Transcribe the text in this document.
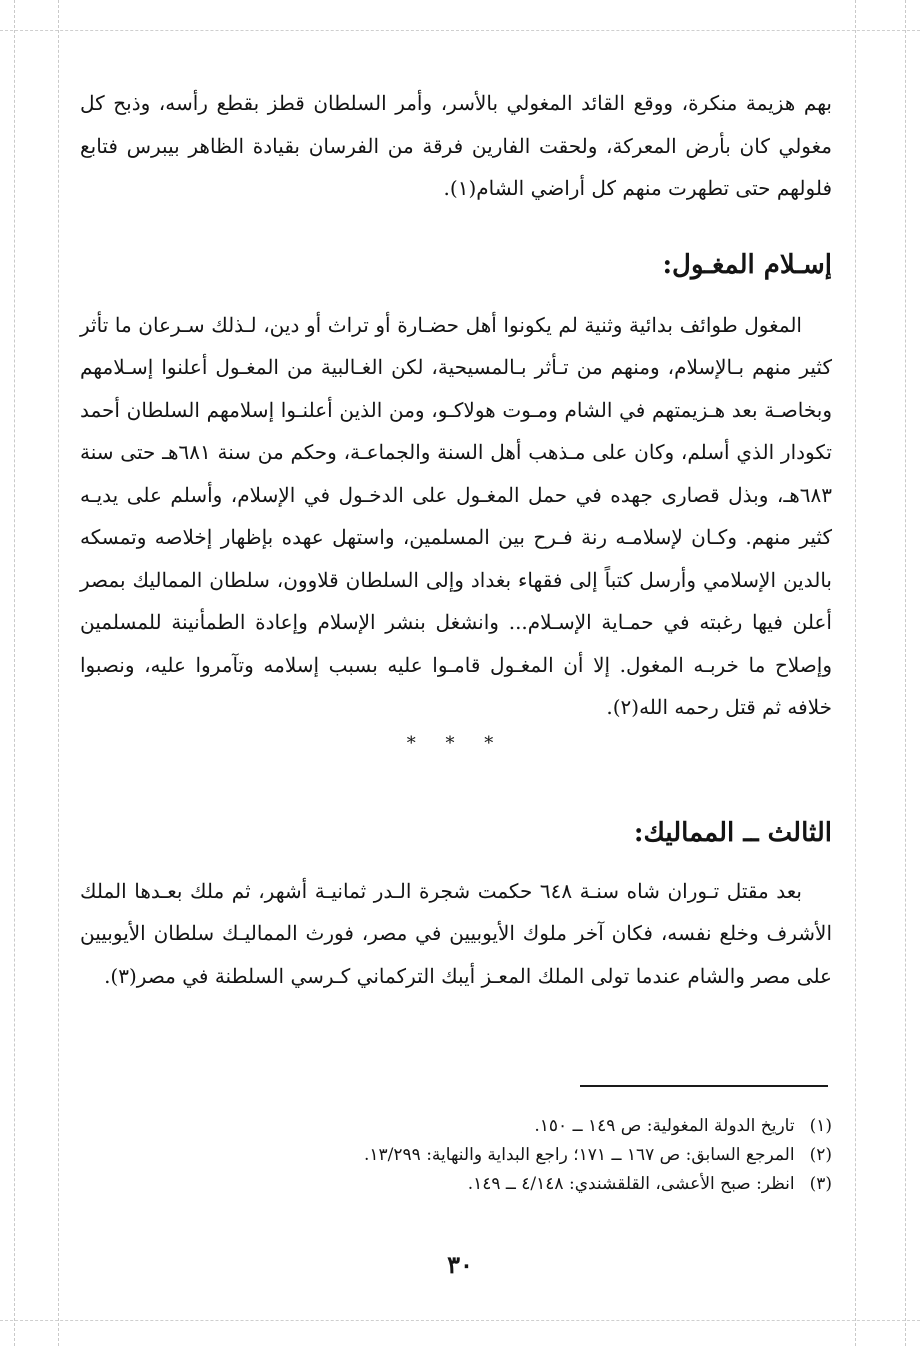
بهم هزيمة منكرة، ووقع القائد المغولي بالأسر، وأمر السلطان قطز بقطع رأسه، وذبح كل مغولي كان بأرض المعركة، ولحقت الفارين فرقة من الفرسان بقيادة الظاهر بيبرس فتابع فلولهم حتى تطهرت منهم كل أراضي الشام(١).

إسـلام المغـول:

المغول طوائف بدائية وثنية لم يكونوا أهل حضـارة أو تراث أو دين، لـذلك سـرعان ما تأثر كثير منهم بـالإسلام، ومنهم من تـأثر بـالمسيحية، لكن الغـالبية من المغـول أعلنوا إسـلامهم وبخاصـة بعد هـزيمتهم في الشام ومـوت هولاكـو، ومن الذين أعلنـوا إسلامهم السلطان أحمد تكودار الذي أسلم، وكان على مـذهب أهل السنة والجماعـة، وحكم من سنة ٦٨١هـ حتى سنة ٦٨٣هـ، وبذل قصارى جهده في حمل المغـول على الدخـول في الإسلام، وأسلم على يديـه كثير منهم. وكـان لإسلامـه رنة فـرح بين المسلمين، واستهل عهده بإظهار إخلاصه وتمسكه بالدين الإسلامي وأرسل كتباً إلى فقهاء بغداد وإلى السلطان قلاوون، سلطان المماليك بمصر أعلن فيها رغبته في حمـاية الإسـلام... وانشغل بنشر الإسلام وإعادة الطمأنينة للمسلمين وإصلاح ما خربـه المغول. إلا أن المغـول قامـوا عليه بسبب إسلامه وتآمروا عليه، ونصبوا خلافه ثم قتل رحمه الله(٢).

* * *
الثالث ــ المماليك:

بعد مقتل تـوران شاه سنـة ٦٤٨ حكمت شجرة الـدر ثمانيـة أشهر، ثم ملك بعـدها الملك الأشرف وخلع نفسه، فكان آخر ملوك الأيوبيين في مصر، فورث المماليـك سلطان الأيوبيين على مصر والشام عندما تولى الملك المعـز أيبك التركماني كـرسي السلطنة في مصر(٣).

(١) تاريخ الدولة المغولية: ص ١٤٩ ــ ١٥٠.
(٢) المرجع السابق: ص ١٦٧ ــ ١٧١؛ راجع البداية والنهاية: ١٣/٢٩٩.
(٣) انظر: صبح الأعشى، القلقشندي: ٤/١٤٨ ــ ١٤٩.
٣٠
